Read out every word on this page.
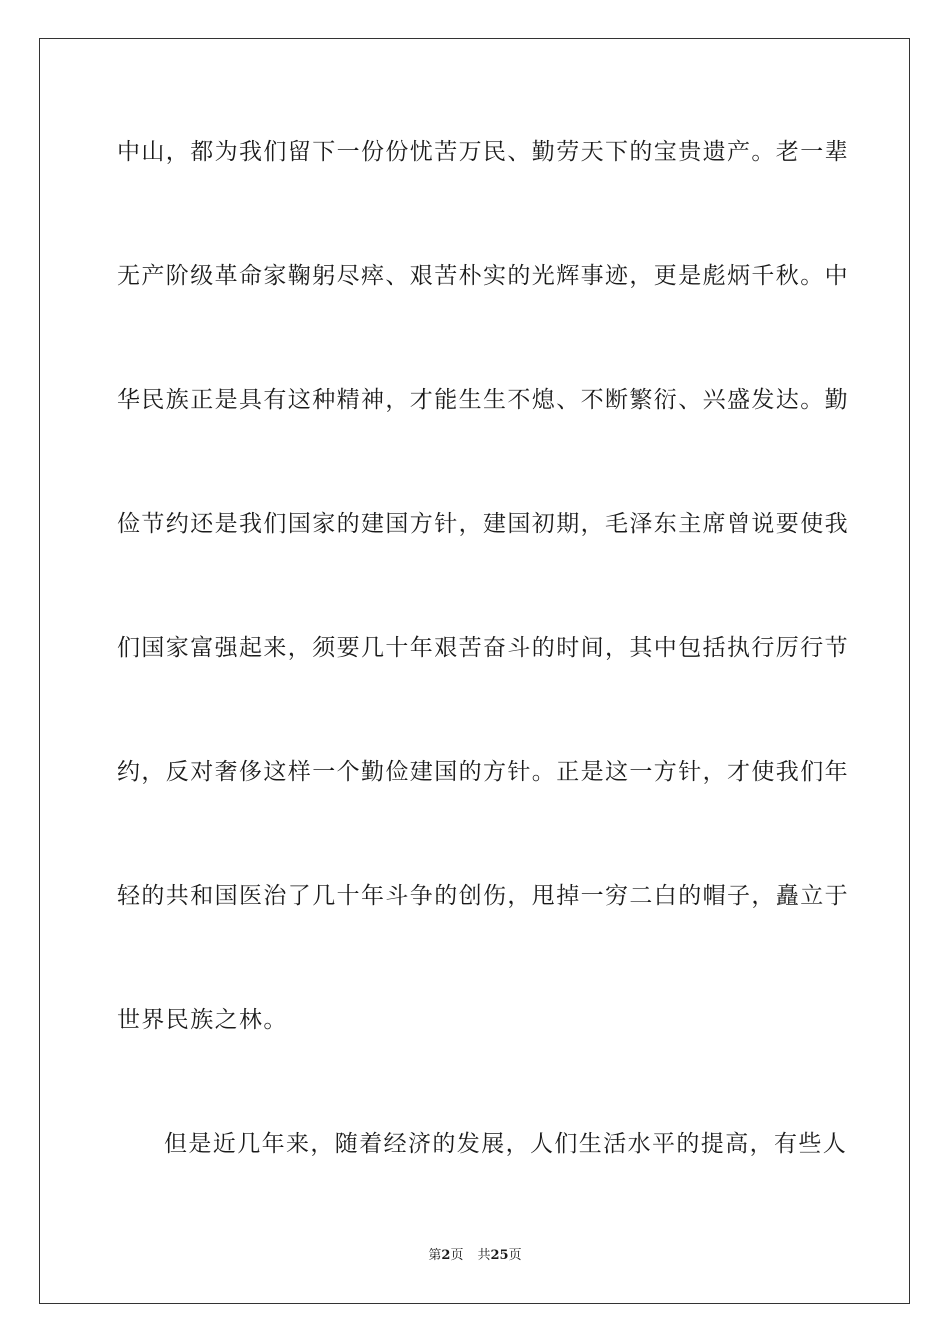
中山，都为我们留下一份份忧苦万民、勤劳天下的宝贵遗产。老一辈
无产阶级革命家鞠躬尽瘁、艰苦朴实的光辉事迹，更是彪炳千秋。中
华民族正是具有这种精神，才能生生不熄、不断繁衍、兴盛发达。勤
俭节约还是我们国家的建国方针，建国初期，毛泽东主席曾说要使我
们国家富强起来，须要几十年艰苦奋斗的时间，其中包括执行厉行节
约，反对奢侈这样一个勤俭建国的方针。正是这一方针，才使我们年
轻的共和国医治了几十年斗争的创伤，甩掉一穷二白的帽子，矗立于
世界民族之林。
但是近几年来，随着经济的发展，人们生活水平的提高，有些人
第2页 共25页
